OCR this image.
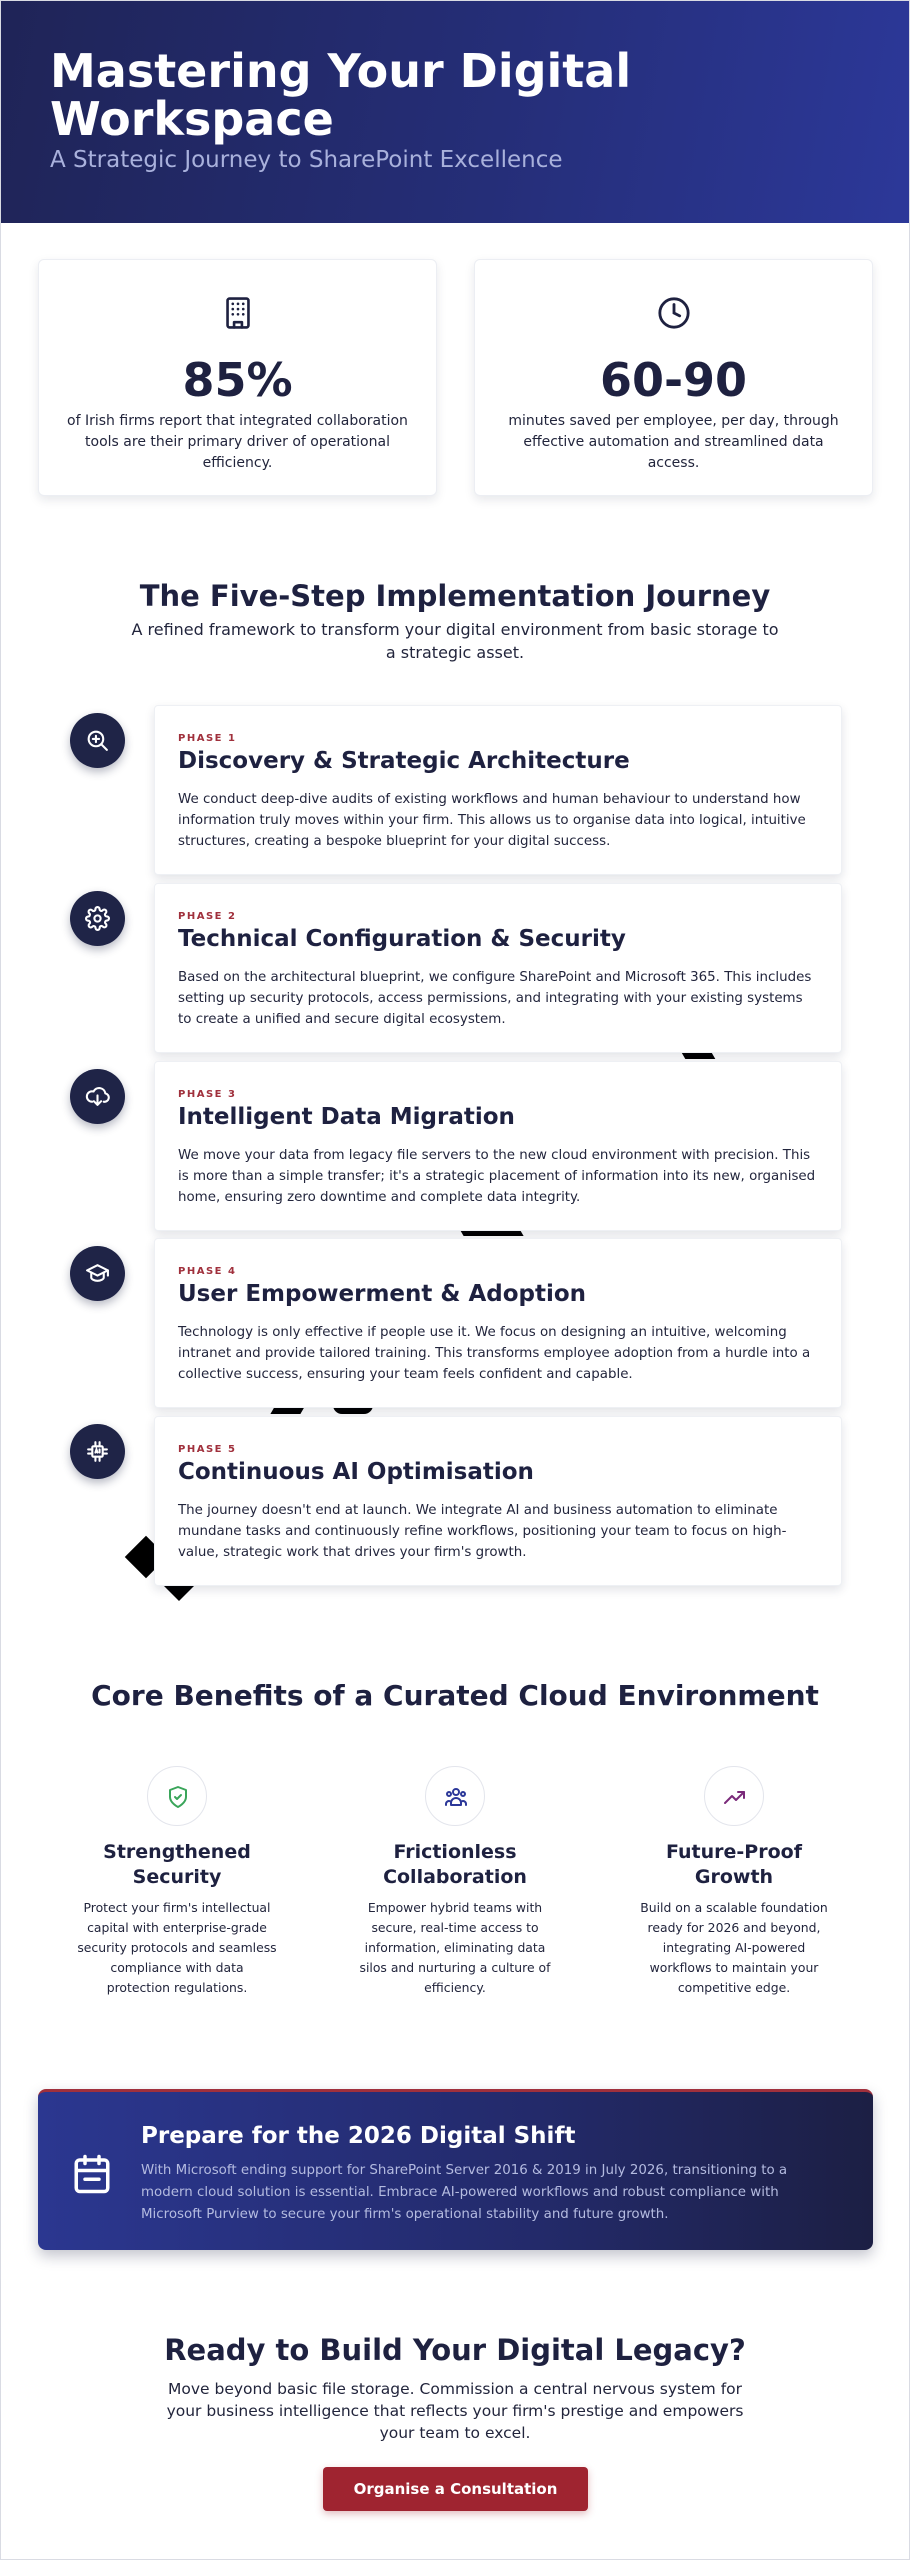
Mastering Your Digital Workspace

A Strategic Journey to SharePoint Excellence

85%
of Irish firms report that integrated collaboration tools are their primary driver of operational efficiency.
60-90
minutes saved per employee, per day, through effective automation and streamlined data access.
The Five-Step Implementation Journey

A refined framework to transform your digital environment from basic storage to a strategic asset.

PHASE 1
Discovery & Strategic Architecture
We conduct deep-dive audits of existing workflows and human behaviour to understand how information truly moves within your firm. This allows us to organise data into logical, intuitive structures, creating a bespoke blueprint for your digital success.
PHASE 2
Technical Configuration & Security
Based on the architectural blueprint, we configure SharePoint and Microsoft 365. This includes setting up security protocols, access permissions, and integrating with your existing systems to create a unified and secure digital ecosystem.
PHASE 3
Intelligent Data Migration
We move your data from legacy file servers to the new cloud environment with precision. This is more than a simple transfer; it's a strategic placement of information into its new, organised home, ensuring zero downtime and complete data integrity.
PHASE 4
User Empowerment & Adoption
Technology is only effective if people use it. We focus on designing an intuitive, welcoming intranet and provide tailored training. This transforms employee adoption from a hurdle into a collective success, ensuring your team feels confident and capable.
PHASE 5
Continuous AI Optimisation
The journey doesn't end at launch. We integrate AI and business automation to eliminate mundane tasks and continuously refine workflows, positioning your team to focus on high-value, strategic work that drives your firm's growth.
Core Benefits of a Curated Cloud Environment
Strengthened Security
Protect your firm's intellectual capital with enterprise-grade security protocols and seamless compliance with data protection regulations.
Frictionless Collaboration
Empower hybrid teams with secure, real-time access to information, eliminating data silos and nurturing a culture of efficiency.
Future-Proof Growth
Build on a scalable foundation ready for 2026 and beyond, integrating AI-powered workflows to maintain your competitive edge.
Prepare for the 2026 Digital Shift

With Microsoft ending support for SharePoint Server 2016 & 2019 in July 2026, transitioning to a modern cloud solution is essential. Embrace AI-powered workflows and robust compliance with Microsoft Purview to secure your firm's operational stability and future growth.

Ready to Build Your Digital Legacy?

Move beyond basic file storage. Commission a central nervous system for your business intelligence that reflects your firm's prestige and empowers your team to excel.

Organise a Consultation
